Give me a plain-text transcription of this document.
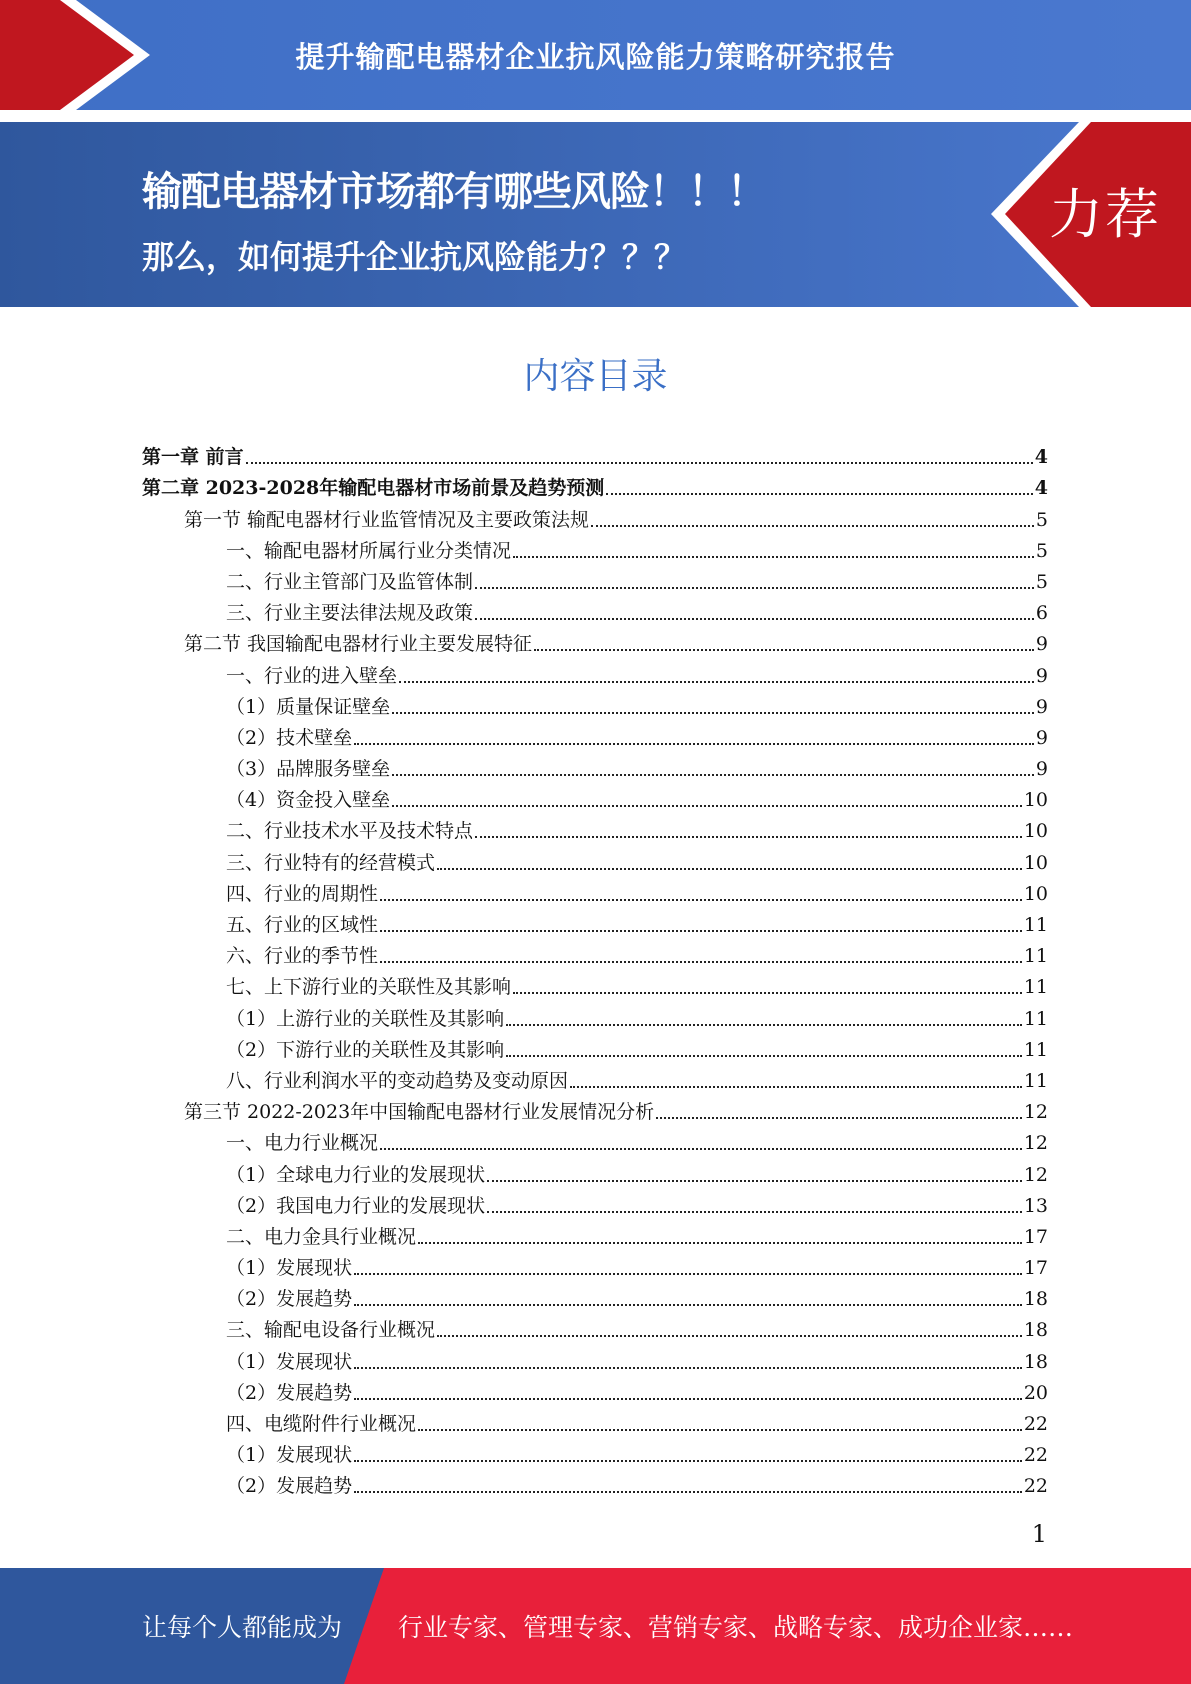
提升输配电器材企业抗风险能力策略研究报告
输配电器材市场都有哪些风险！！！
那么，如何提升企业抗风险能力？？？
力荐
内容目录
第一章 前言	4
第二章 2023-2028年输配电器材市场前景及趋势预测	4
第一节 输配电器材行业监管情况及主要政策法规	5
一、输配电器材所属行业分类情况	5
二、行业主管部门及监管体制	5
三、行业主要法律法规及政策	6
第二节 我国输配电器材行业主要发展特征	9
一、行业的进入壁垒	9
（1）质量保证壁垒	9
（2）技术壁垒	9
（3）品牌服务壁垒	9
（4）资金投入壁垒	10
二、行业技术水平及技术特点	10
三、行业特有的经营模式	10
四、行业的周期性	10
五、行业的区域性	11
六、行业的季节性	11
七、上下游行业的关联性及其影响	11
（1）上游行业的关联性及其影响	11
（2）下游行业的关联性及其影响	11
八、行业利润水平的变动趋势及变动原因	11
第三节 2022-2023年中国输配电器材行业发展情况分析	12
一、电力行业概况	12
（1）全球电力行业的发展现状	12
（2）我国电力行业的发展现状	13
二、电力金具行业概况	17
（1）发展现状	17
（2）发展趋势	18
三、输配电设备行业概况	18
（1）发展现状	18
（2）发展趋势	20
四、电缆附件行业概况	22
（1）发展现状	22
（2）发展趋势	22
1
让每个人都能成为 行业专家、管理专家、营销专家、战略专家、成功企业家……
